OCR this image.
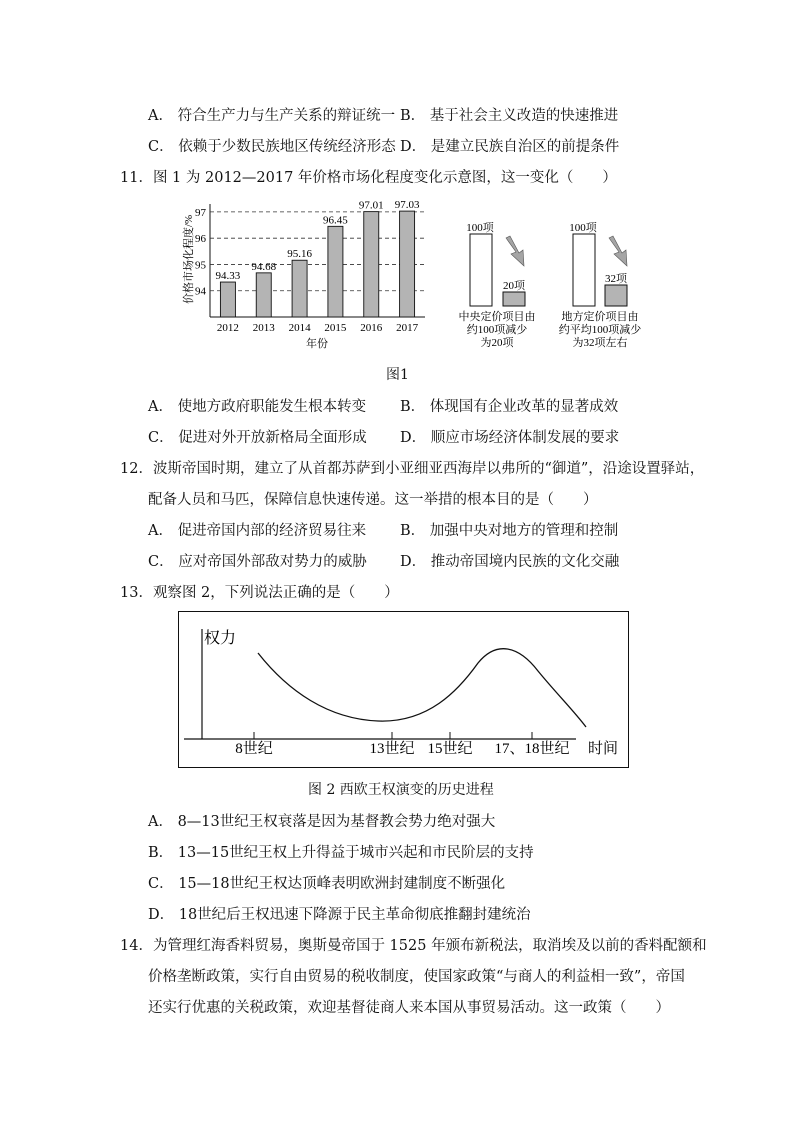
A． 符合生产力与生产关系的辩证统一 B． 基于社会主义改造的快速推进
C． 依赖于少数民族地区传统经济形态 D． 是建立民族自治区的前提条件
11．图 1 为 2012—2017 年价格市场化程度变化示意图，这一变化（　　）
价格市场化程度/% 94
95
96
97
94.33
94.68
95.16
96.45
97.01 97.03
2012 2013 2014 2015 2016 2017
年份
100项
20项
中央定价项目由
约100项减少
为20项
100项
32项
地方定价项目由
约平均100项减少
为32项左右
图1
A． 使地方政府职能发生根本转变 B． 体现国有企业改革的显著成效
C． 促进对外开放新格局全面形成 D． 顺应市场经济体制发展的要求
12．波斯帝国时期，建立了从首都苏萨到小亚细亚西海岸以弗所的“御道”，沿途设置驿站，
配备人员和马匹，保障信息快速传递。这一举措的根本目的是（　　）
A． 促进帝国内部的经济贸易往来 B． 加强中央对地方的管理和控制
C． 应对帝国外部敌对势力的威胁 D． 推动帝国境内民族的文化交融
13．观察图 2，下列说法正确的是（　　）
权力
时间
8世纪	13世纪 15世纪 17、18世纪
图 2 西欧王权演变的历史进程
A． 8—13世纪王权衰落是因为基督教会势力绝对强大
B． 13—15世纪王权上升得益于城市兴起和市民阶层的支持
C． 15—18世纪王权达顶峰表明欧洲封建制度不断强化
D． 18世纪后王权迅速下降源于民主革命彻底推翻封建统治
14．为管理红海香料贸易，奥斯曼帝国于 1525 年颁布新税法，取消埃及以前的香料配额和
价格垄断政策，实行自由贸易的税收制度，使国家政策“与商人的利益相一致”，帝国
还实行优惠的关税政策，欢迎基督徒商人来本国从事贸易活动。这一政策（　　）
